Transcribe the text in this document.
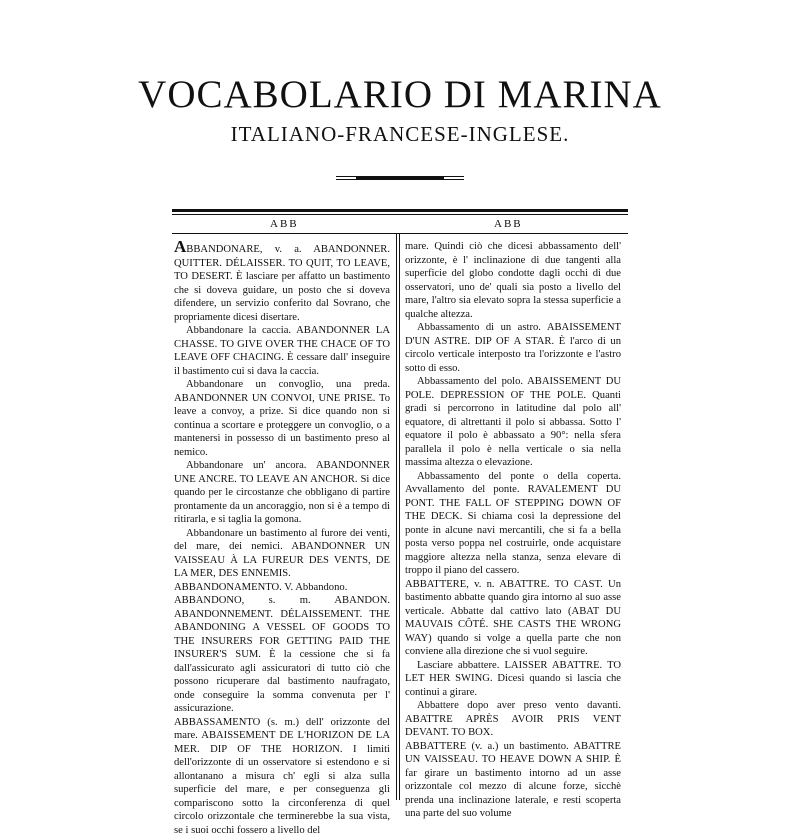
VOCABOLARIO DI MARINA
ITALIANO-FRANCESE-INGLESE.
ABB	ABB

ABBANDONARE, v. a. ABANDONNER. QUITTER. DÉLAISSER. TO QUIT, TO LEAVE, TO DESERT. È lasciare per affatto un bastimento che si doveva guidare, un posto che si doveva difendere, un servizio conferito dal Sovrano, che propriamente dicesi disertare.

Abbandonare la caccia. ABANDONNER LA CHASSE. TO GIVE OVER THE CHACE OF TO LEAVE OFF CHACING. È cessare dall' inseguire il bastimento cui si dava la caccia.

Abbandonare un convoglio, una preda. ABANDONNER UN CONVOI, UNE PRISE. To leave a convoy, a prize. Si dice quando non si continua a scortare e proteggere un convoglio, o a mantenersi in possesso di un bastimento preso al nemico.

Abbandonare un' ancora. ABANDONNER UNE ANCRE. TO LEAVE AN ANCHOR. Si dice quando per le circostanze che obbligano di partire prontamente da un ancoraggio, non si è a tempo di ritirarla, e si taglia la gomona.

Abbandonare un bastimento al furore dei venti, del mare, dei nemici. ABANDONNER UN VAISSEAU À LA FUREUR DES VENTS, DE LA MER, DES ENNEMIS.

ABBANDONAMENTO. V. Abbandono.

ABBANDONO, s. m. ABANDON. ABANDONNEMENT. DÉLAISSEMENT. THE ABANDONING A VESSEL OF GOODS TO THE INSURERS FOR GETTING PAID THE INSURER'S SUM. È la cessione che si fa dall'assicurato agli assicuratori di tutto ciò che possono ricuperare dal bastimento naufragato, onde conseguire la somma convenuta per l' assicurazione.

ABBASSAMENTO (s. m.) dell' orizzonte del mare. ABAISSEMENT DE L'HORIZON DE LA MER. DIP OF THE HORIZON. I limiti dell'orizzonte di un osservatore si estendono e si allontanano a misura ch' egli si alza sulla superficie del mare, e per conseguenza gli compariscono sotto la circonferenza di quel circolo orizzontale che terminerebbe la sua vista, se i suoi occhi fossero a livello del

mare. Quindi ciò che dicesi abbassamento dell' orizzonte, è l' inclinazione di due tangenti alla superficie del globo condotte dagli occhi di due osservatori, uno de' quali sia posto a livello del mare, l'altro sia elevato sopra la stessa superficie a qualche altezza.

Abbassamento di un astro. ABAISSEMENT D'UN ASTRE. DIP OF A STAR. È l'arco di un circolo verticale interposto tra l'orizzonte e l'astro sotto di esso.

Abbassamento del polo. ABAISSEMENT DU POLE. DEPRESSION OF THE POLE. Quanti gradi si percorrono in latitudine dal polo all' equatore, di altrettanti il polo si abbassa. Sotto l' equatore il polo è abbassato a 90°: nella sfera parallela il polo è nella verticale o sia nella massima altezza o elevazione.

Abbassamento del ponte o della coperta. Avvallamento del ponte. RAVALEMENT DU PONT. THE FALL OF STEPPING DOWN OF THE DECK. Si chiama così la depressione del ponte in alcune navi mercantili, che si fa a bella posta verso poppa nel costruirle, onde acquistare maggiore altezza nella stanza, senza elevare di troppo il piano del cassero.

ABBATTERE, v. n. ABATTRE. TO CAST. Un bastimento abbatte quando gira intorno al suo asse verticale. Abbatte dal cattivo lato (ABAT DU MAUVAIS CÔTÉ. SHE CASTS THE WRONG WAY) quando si volge a quella parte che non conviene alla direzione che si vuol seguire.

Lasciare abbattere. LAISSER ABATTRE. TO LET HER SWING. Dicesi quando si lascia che continui a girare.

Abbattere dopo aver preso vento davanti. ABATTRE APRÈS AVOIR PRIS VENT DEVANT. TO BOX.

ABBATTERE (v. a.) un bastimento. ABATTRE UN VAISSEAU. TO HEAVE DOWN A SHIP. È far girare un bastimento intorno ad un asse orizzontale col mezzo di alcune forze, sicchè prenda una inclinazione laterale, e resti scoperta una parte del suo volume
